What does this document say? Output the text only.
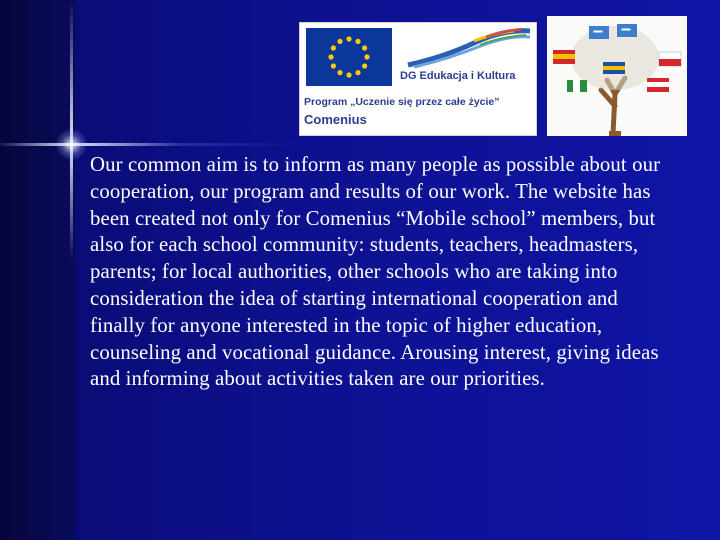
DG Edukacja i Kultura
Program „Uczenie się przez całe życie”
Comenius

Our common aim is to inform as many people as possible about our cooperation, our program and results of our work. The website has been created not only for Comenius “Mobile school” members, but also for each school community: students, teachers, headmasters, parents; for local authorities, other schools who are taking into consideration the idea of starting international cooperation and finally for anyone interested in the topic of higher education, counseling and vocational guidance. Arousing interest, giving ideas and informing about activities taken are our priorities.
